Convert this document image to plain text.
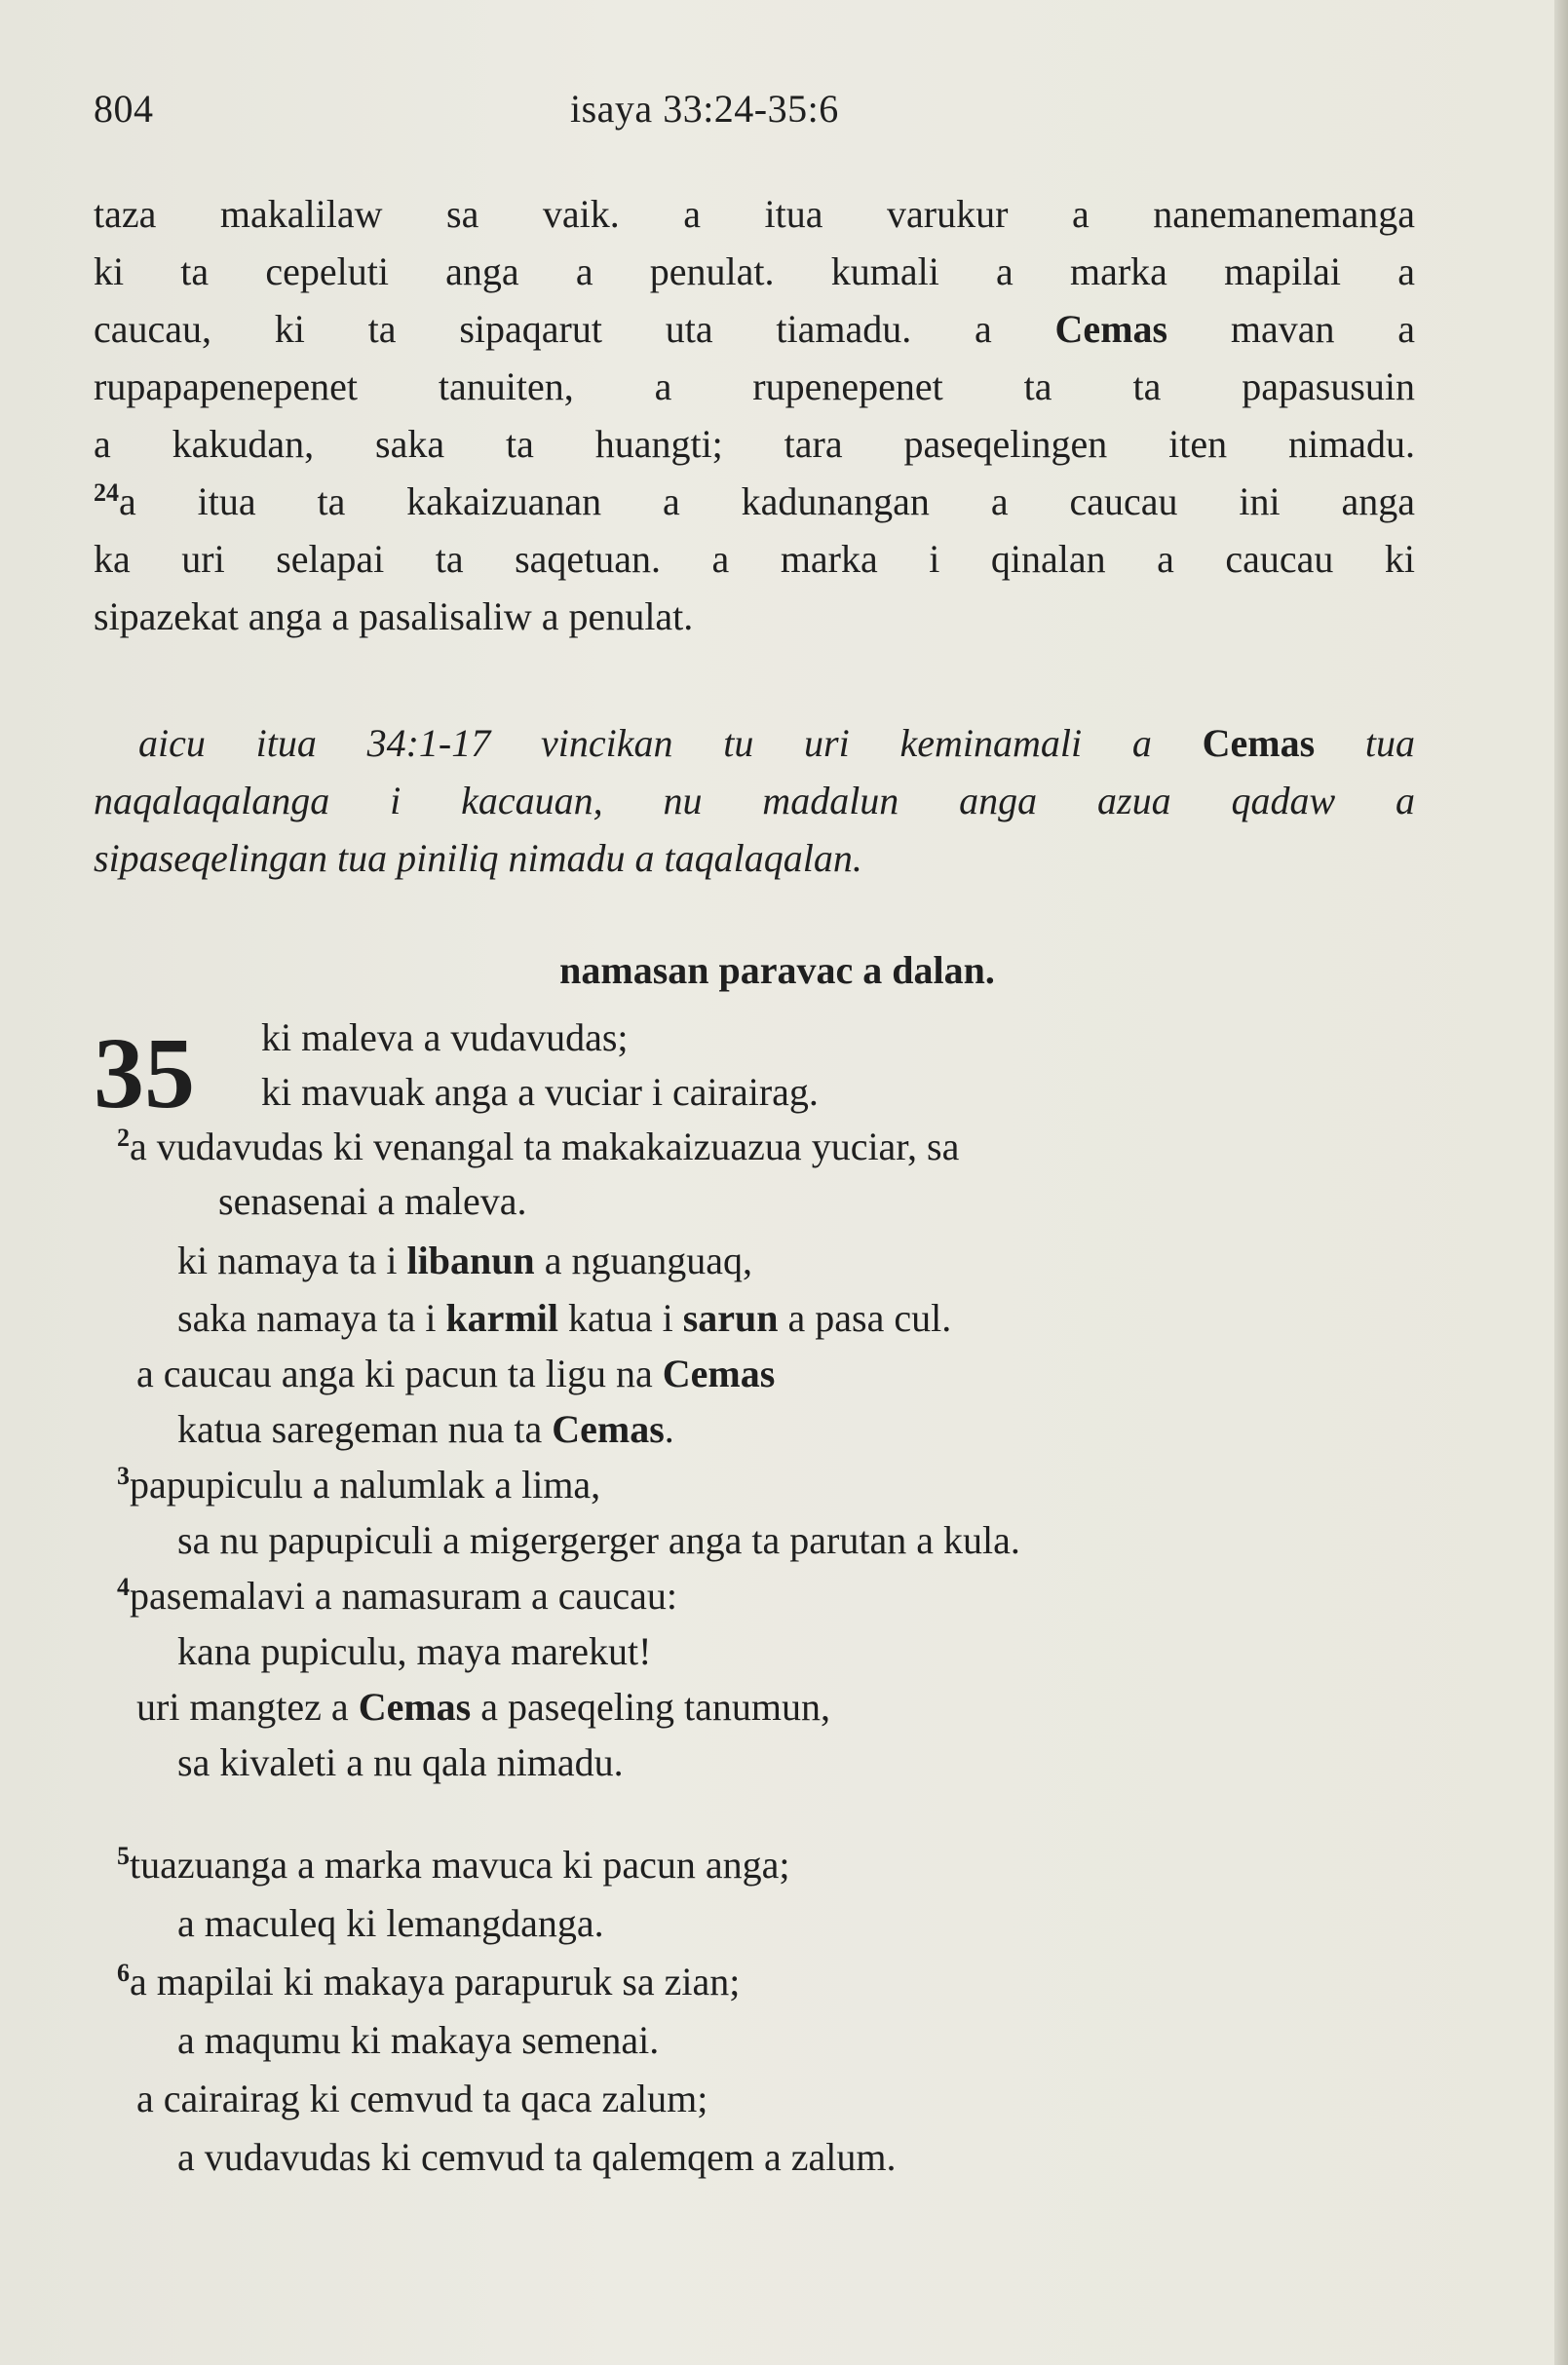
804	isaya 33:24-35:6
taza makalilaw sa vaik. a itua varukur a nanemanemanga
ki ta cepeluti anga a penulat. kumali a marka mapilai a
caucau, ki ta sipaqarut uta tiamadu. a Cemas mavan a
rupapapenepenet tanuiten, a rupenepenet ta ta papasusuin
a kakudan, saka ta huangti; tara paseqelingen iten nimadu.
$^{24}$a itua ta kakaizuanan a kadunangan a caucau ini anga
ka uri selapai ta saqetuan. a marka i qinalan a caucau ki
sipazekat anga a pasalisaliw a penulat.
aicu itua 34:1-17 vincikan tu uri keminamali a Cemas tua
naqalaqalanga i kacauan, nu madalun anga azua qadaw a
sipaseqelingan tua piniliq nimadu a taqalaqalan.
namasan paravac a dalan.
35 ki maleva a vudavudas;
ki mavuak anga a vuciar i cairairag.
$^2$a vudavudas ki venangal ta makakaizuazua yuciar, sa
senasenai a maleva.
ki namaya ta i libanun a nguanguaq,
saka namaya ta i karmil katua i sarun a pasa cul.
a caucau anga ki pacun ta ligu na Cemas
katua saregeman nua ta Cemas.
$^3$papupiculu a nalumlak a lima,
sa nu papupiculi a migergerger anga ta parutan a kula.
$^4$pasemalavi a namasuram a caucau:
kana pupiculu, maya marekut!
uri mangtez a Cemas a paseqeling tanumun,
sa kivaleti a nu qala nimadu.
$^5$tuazuanga a marka mavuca ki pacun anga;
a maculeq ki lemangdanga.
$^6$a mapilai ki makaya parapuruk sa zian;
a maqumu ki makaya semenai.
a cairairag ki cemvud ta qaca zalum;
a vudavudas ki cemvud ta qalemqem a zalum.
